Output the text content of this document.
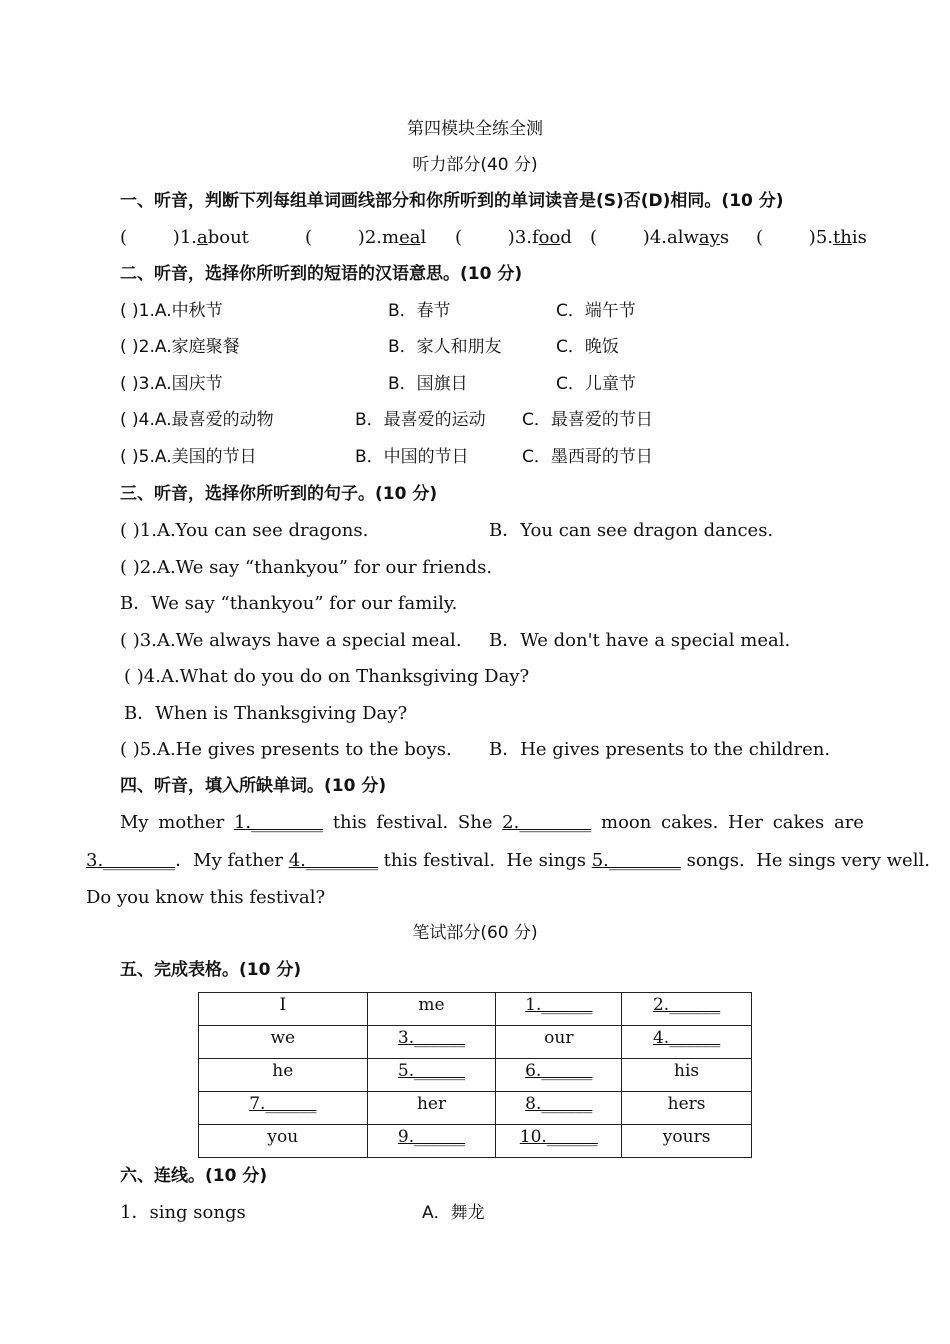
第四模块全练全测
听力部分(40 分)
一、听音，判断下列每组单词画线部分和你所听到的单词读音是(S)否(D)相同。(10 分)
(        )1.about	(        )2.meal (        )3.food (        )4.always (        )5.this
二、听音，选择你所听到的短语的汉语意思。(10 分)
( )1.A.中秋节	B．春节	C．端午节
( )2.A.家庭聚餐	B．家人和朋友	C．晚饭
( )3.A.国庆节	B．国旗日	C．儿童节
( )4.A.最喜爱的动物	B．最喜爱的运动 C．最喜爱的节日
( )5.A.美国的节日	B．中国的节日	C．墨西哥的节日
三、听音，选择你所听到的句子。(10 分)
( )1.A.You can see dragons.	B．You can see dragon dances.
( )2.A.We say “thankyou” for our friends.
B．We say “thankyou” for our family.
( )3.A.We always have a special meal. B．We don't have a special meal.
( )4.A.What do you do on Thanksgiving Day?
B．When is Thanksgiving Day?
( )5.A.He gives presents to the boys. B．He gives presents to the children.
四、听音，填入所缺单词。(10 分)
My mother 1.________ this festival. She 2.________ moon cakes. Her cakes are
3.________．My father 4.________ this festival.  He sings 5.________ songs.  He sings very well.
Do you know this festival?
笔试部分(60 分)
五、完成表格。(10 分)
I	me	1.______	2.______
we	3.______	our	4.______
he	5.______	6.______	his
7.______	her	8.______	hers
you	9.______	10.______	yours
六、连线。(10 分)
1．sing songs	A．舞龙
